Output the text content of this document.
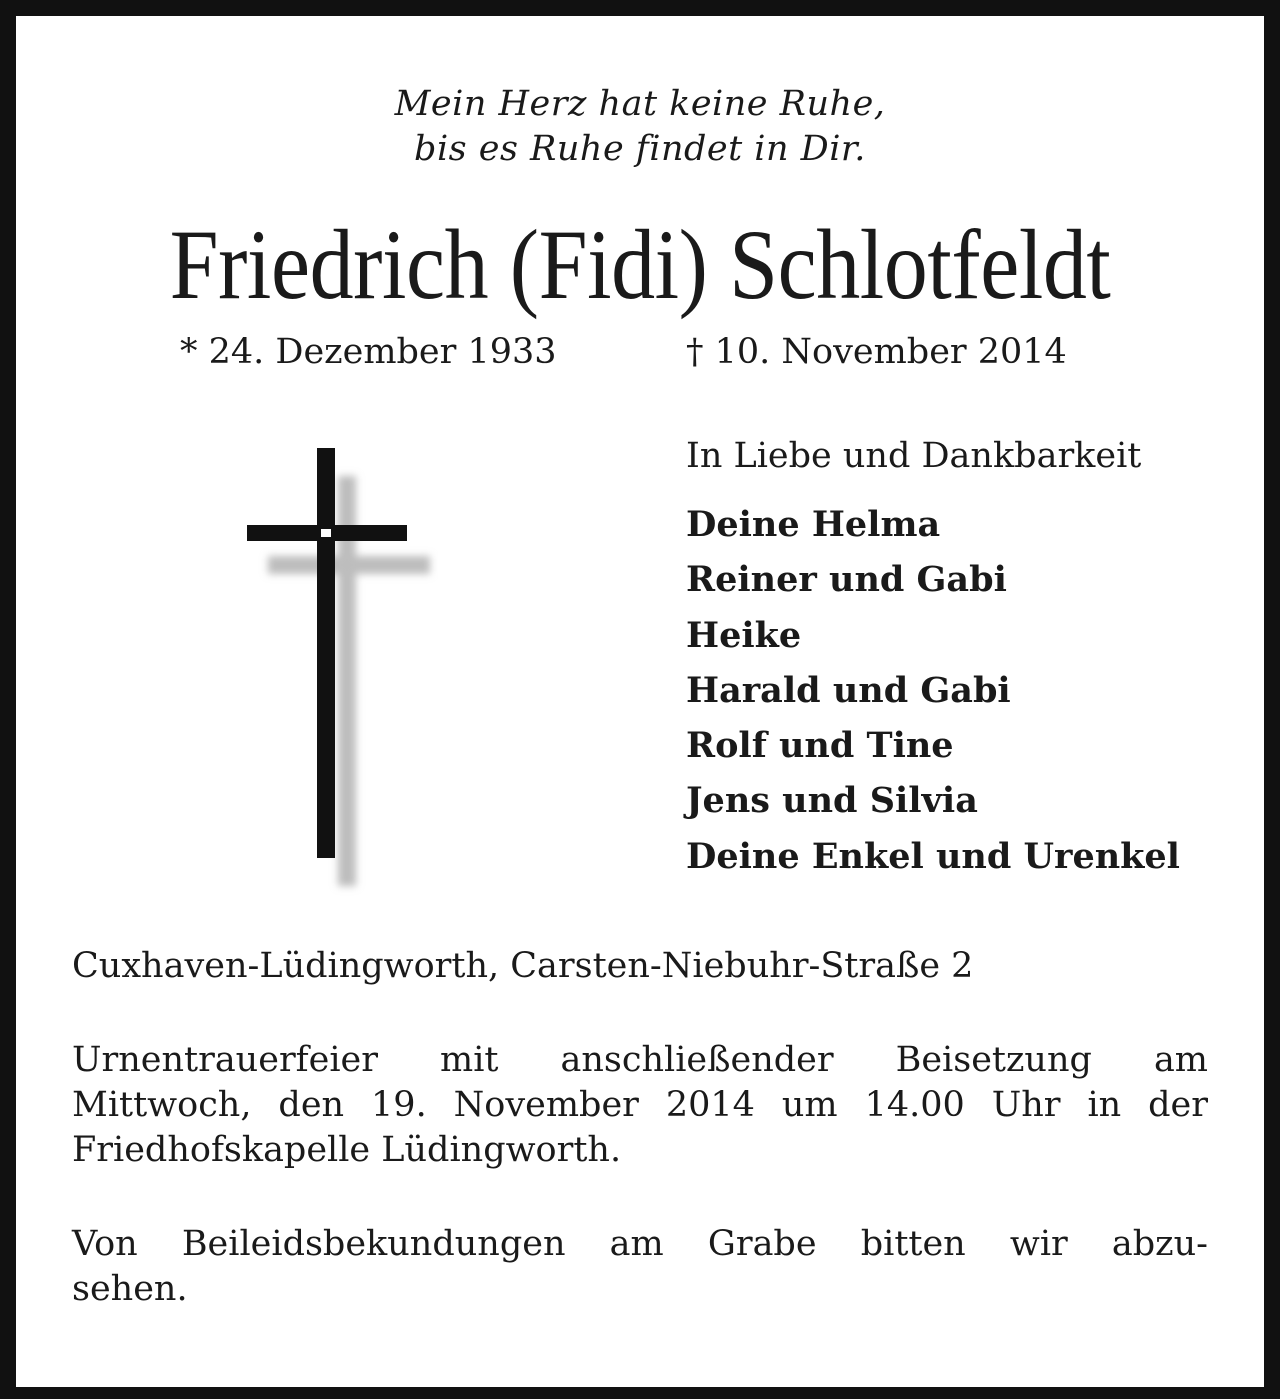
Mein Herz hat keine Ruhe,
bis es Ruhe findet in Dir.
Friedrich (Fidi) Schlotfeldt
* 24. Dezember 1933	† 10. November 2014

In Liebe und Dankbarkeit

Deine Helma
Reiner und Gabi
Heike
Harald und Gabi
Rolf und Tine
Jens und Silvia
Deine Enkel und Urenkel
Cuxhaven-Lüdingworth, Carsten-Niebuhr-Straße 2

Urnentrauerfeier mit anschließender Beisetzung am
Mittwoch, den 19. November 2014 um 14.00 Uhr in der
Friedhofskapelle Lüdingworth.

Von Beileidsbekundungen am Grabe bitten wir abzu-
sehen.
